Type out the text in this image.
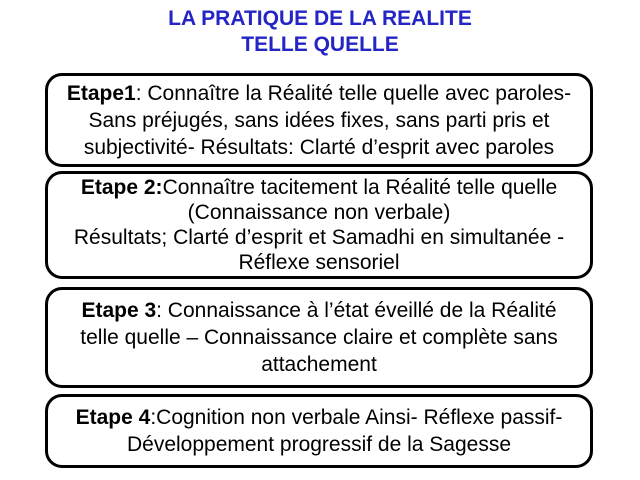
LA PRATIQUE DE LA REALITE
TELLE QUELLE
Etape1: Connaître la Réalité telle quelle avec paroles-
Sans préjugés, sans idées fixes, sans parti pris et
subjectivité- Résultats: Clarté d’esprit avec paroles
Etape 2:Connaître tacitement la Réalité telle quelle
(Connaissance non verbale)
Résultats; Clarté d’esprit et Samadhi en simultanée -
Réflexe sensoriel
Etape 3: Connaissance à l’état éveillé de la Réalité
telle quelle – Connaissance claire et complète sans
attachement
Etape 4:Cognition non verbale Ainsi- Réflexe passif-
Développement progressif de la Sagesse
